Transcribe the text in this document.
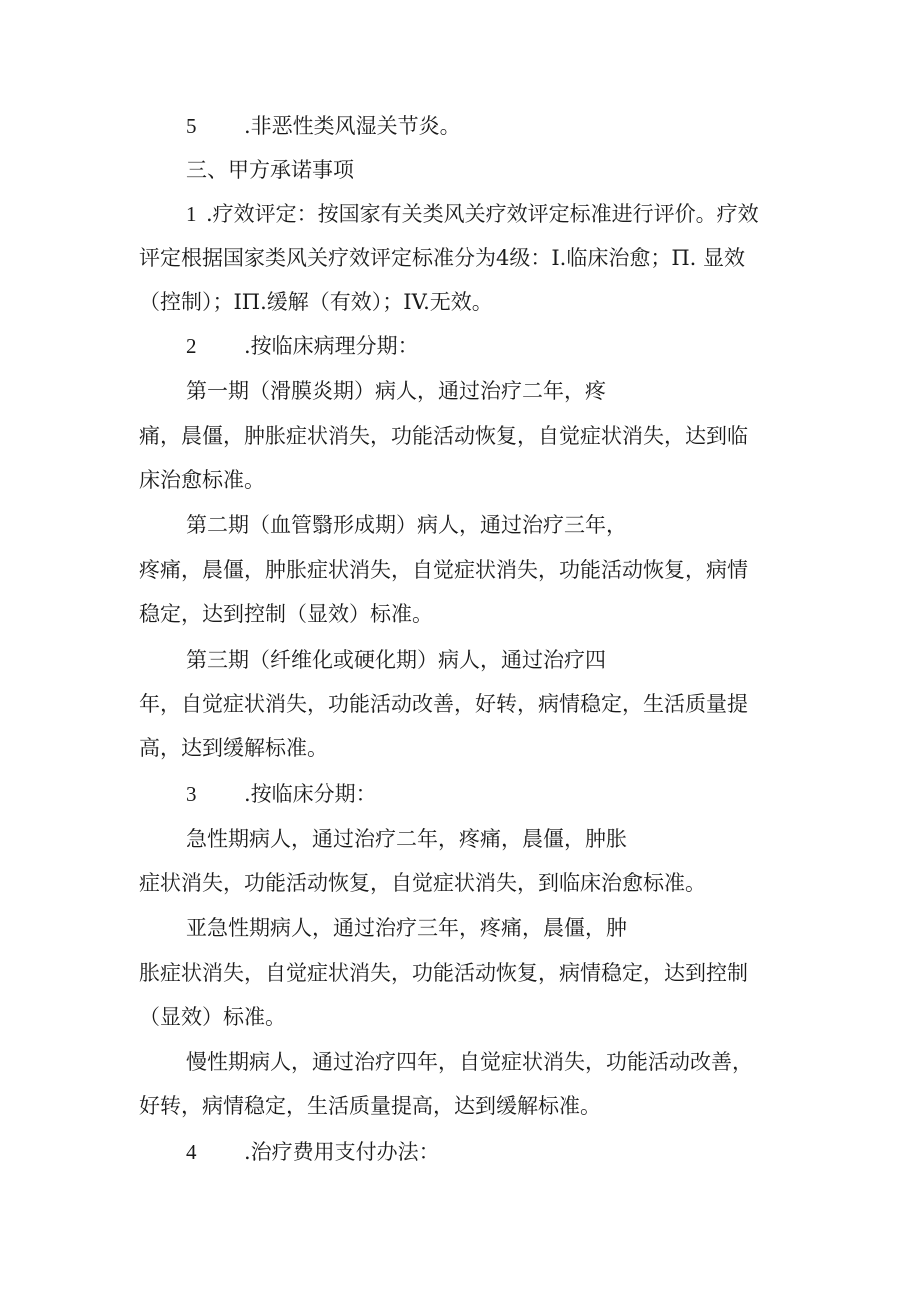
5 .非恶性类风湿关节炎。
三、甲方承诺事项
1 .疗效评定：按国家有关类风关疗效评定标准进行评价。疗效
评定根据国家类风关疗效评定标准分为4级：I.临床治愈；Π. 显效
（控制）；IΠ.缓解（有效）；IV.无效。
2 .按临床病理分期：
第一期（滑膜炎期）病人，通过治疗二年，疼
痛，晨僵，肿胀症状消失，功能活动恢复，自觉症状消失，达到临
床治愈标准。
第二期（血管翳形成期）病人，通过治疗三年，
疼痛，晨僵，肿胀症状消失，自觉症状消失，功能活动恢复，病情
稳定，达到控制（显效）标准。
第三期（纤维化或硬化期）病人，通过治疗四
年，自觉症状消失，功能活动改善，好转，病情稳定，生活质量提
高，达到缓解标准。
3 .按临床分期：
急性期病人，通过治疗二年，疼痛，晨僵，肿胀
症状消失，功能活动恢复，自觉症状消失，到临床治愈标准。
亚急性期病人，通过治疗三年，疼痛，晨僵，肿
胀症状消失，自觉症状消失，功能活动恢复，病情稳定，达到控制
（显效）标准。
慢性期病人，通过治疗四年，自觉症状消失，功能活动改善，
好转，病情稳定，生活质量提高，达到缓解标准。
4 .治疗费用支付办法：
